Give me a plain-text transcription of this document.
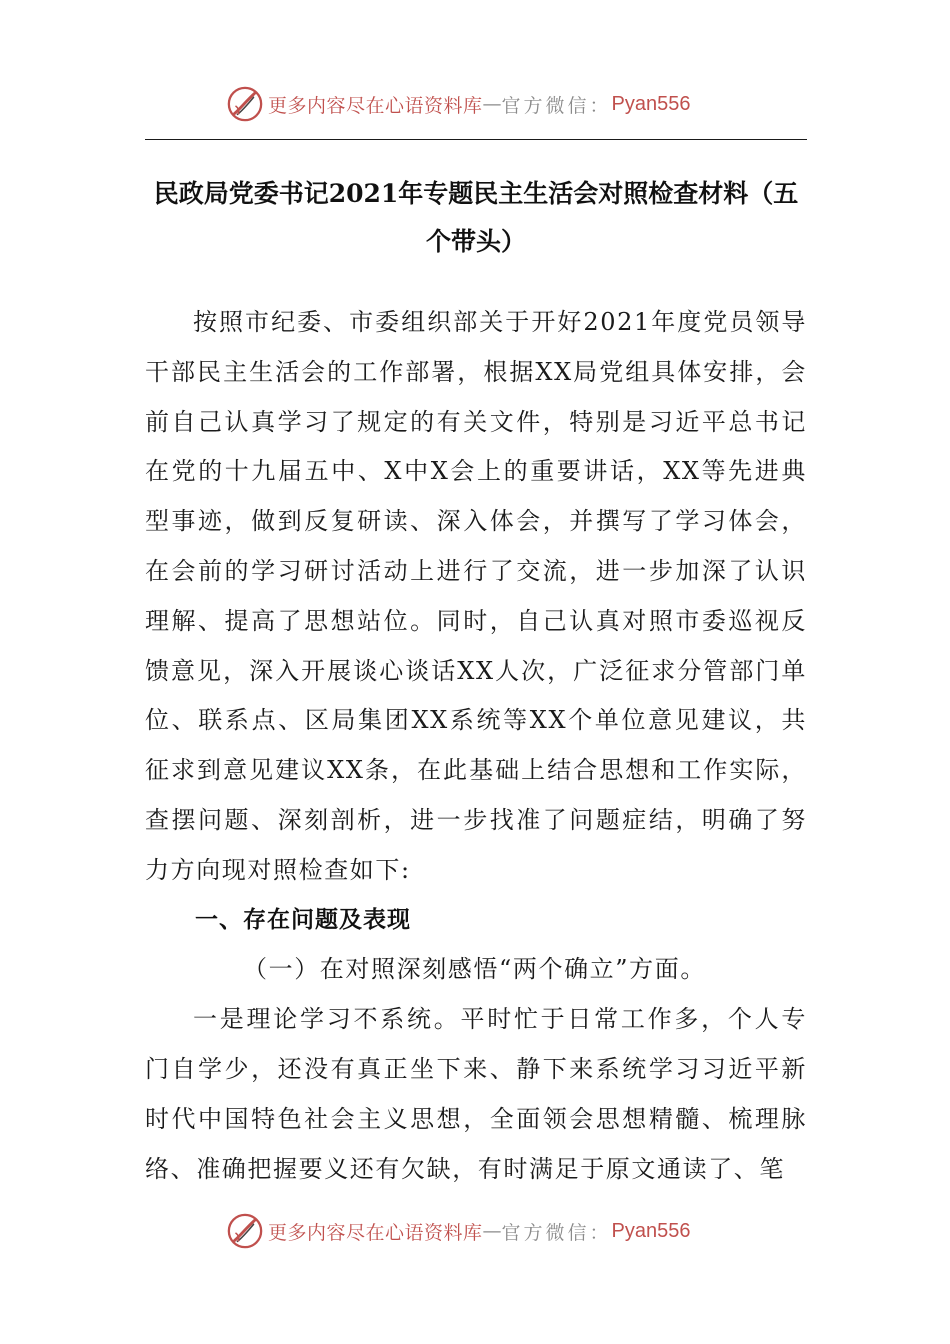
更多内容尽在心语资料库 — 官方微信： Pyan556
民政局党委书记2021年专题民主生活会对照检查材料（五个带头）

按照市纪委、市委组织部关于开好2021年度党员领导干部民主生活会的工作部署，根据XX局党组具体安排，会前自己认真学习了规定的有关文件，特别是习近平总书记在党的十九届五中、X中X会上的重要讲话，XX等先进典型事迹，做到反复研读、深入体会，并撰写了学习体会，在会前的学习研讨活动上进行了交流，进一步加深了认识理解、提高了思想站位。同时，自己认真对照市委巡视反馈意见，深入开展谈心谈话XX人次，广泛征求分管部门单位、联系点、区局集团XX系统等XX个单位意见建议，共征求到意见建议XX条，在此基础上结合思想和工作实际，查摆问题、深刻剖析，进一步找准了问题症结，明确了努力方向现对照检查如下:

一、存在问题及表现

（一）在对照深刻感悟“两个确立”方面。

一是理论学习不系统。平时忙于日常工作多，个人专门自学少，还没有真正坐下来、静下来系统学习习近平新时代中国特色社会主义思想，全面领会思想精髓、梳理脉络、准确把握要义还有欠缺，有时满足于原文通读了、笔

更多内容尽在心语资料库 — 官方微信： Pyan556
